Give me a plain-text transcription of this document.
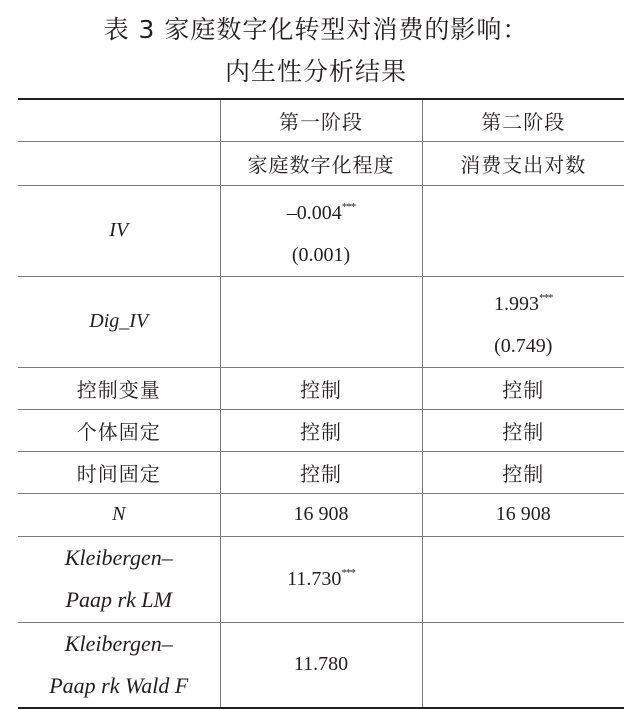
表 3 家庭数字化转型对消费的影响：
内生性分析结果
	第一阶段	第二阶段
	家庭数字化程度	消费支出对数
IV	–0.004***
(0.001)	

Dig_IV		1.993***
(0.749)

控制变量	控制	控制
个体固定	控制	控制
时间固定	控制	控制
N	16 908	16 908

Kleibergen–
Paap rk LM	11.730***	

Kleibergen–
Paap rk Wald F	11.780	
